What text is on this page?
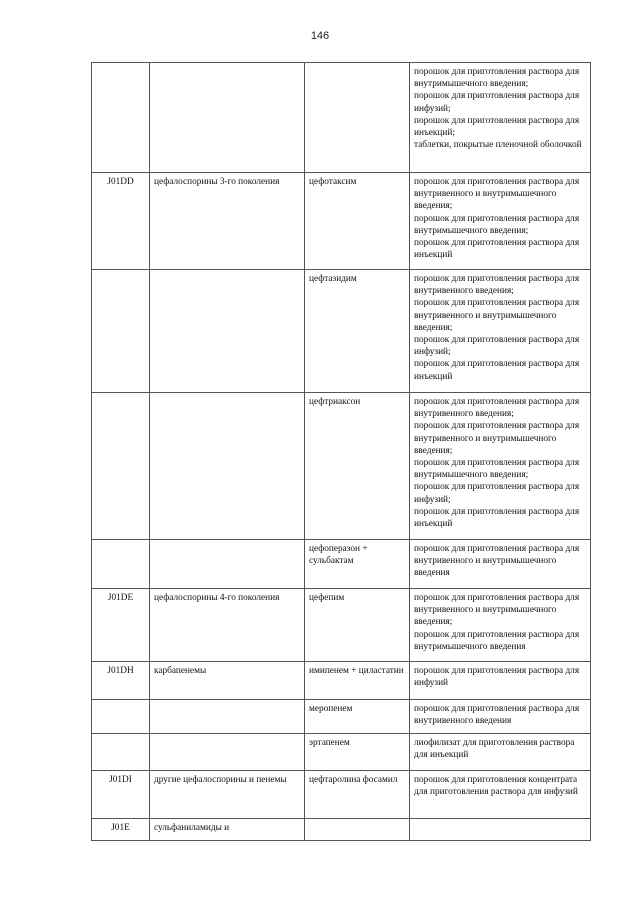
146
			порошок для приготовления раствора для внутримышечного введения;
порошок для приготовления раствора для инфузий;
порошок для приготовления раствора для инъекций;
таблетки, покрытые пленочной оболочкой
J01DD	цефалоспорины 3-го поколения	цефотаксим	порошок для приготовления раствора для внутривенного и внутримышечного введения;
порошок для приготовления раствора для внутримышечного введения;
порошок для приготовления раствора для инъекций
		цефтазидим	порошок для приготовления раствора для внутривенного введения;
порошок для приготовления раствора для внутривенного и внутримышечного введения;
порошок для приготовления раствора для инфузий;
порошок для приготовления раствора для инъекций
		цефтриаксон	порошок для приготовления раствора для внутривенного введения;
порошок для приготовления раствора для внутривенного и внутримышечного введения;
порошок для приготовления раствора для внутримышечного введения;
порошок для приготовления раствора для инфузий;
порошок для приготовления раствора для инъекций
		цефоперазон + сульбактам	порошок для приготовления раствора для внутривенного и внутримышечного введения
J01DE	цефалоспорины 4-го поколения	цефепим	порошок для приготовления раствора для внутривенного и внутримышечного введения;
порошок для приготовления раствора для внутримышечного введения
J01DH	карбапенемы	имипенем + циластатин	порошок для приготовления раствора для инфузий
		меропенем	порошок для приготовления раствора для внутривенного введения
		эртапенем	лиофилизат для приготовления раствора для инъекций
J01DI	другие цефалоспорины и пенемы	цефтаролина фосамил	порошок для приготовления концентрата для приготовления раствора для инфузий
J01E	сульфаниламиды и		
